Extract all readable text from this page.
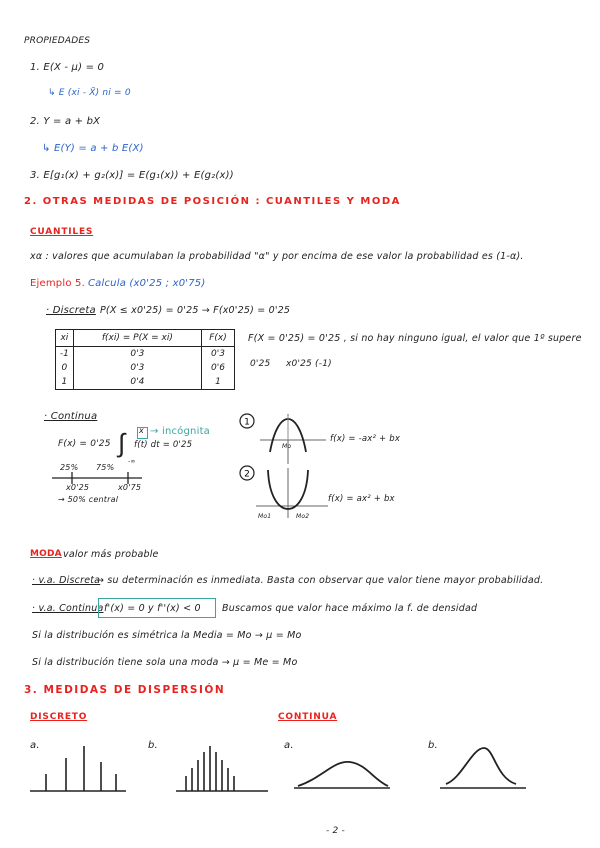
PROPIEDADES
1. E(X - μ) = 0
↳ E (xi - X̄) ni = 0
2. Y = a + bX
↳ E(Y) = a + b E(X)
3. E[g₁(x) + g₂(x)] = E(g₁(x)) + E(g₂(x))
2. OTRAS MEDIDAS DE POSICIÓN : CUANTILES Y MODA
CUANTILES
xα : valores que acumulaban la probabilidad "α" y por encima de ese valor la probabilidad es (1-α).
Ejemplo 5. Calcula (x0'25 ; x0'75)
· Discreta P(X ≤ x0'25) = 0'25 → F(x0'25) = 0'25
xi	f(xi) = P(X = xi)	F(x)
-1	0'3	0'3
0	0'3	0'6
1	0'4	1
F(X = 0'25) = 0'25 , si no hay ninguno igual, el valor que 1º supere
0'25 x0'25 (-1)
· Continua
F(x) = 0'25 ∫ x
-∞
f(t) dt = 0'25
→ incógnita
25% 75%
x0'25	x0'75
→ 50% central
1
Mo
f(x) = -ax² + bx
2
Mo1	Mo2
f(x) = ax² + bx
MODA valor más probable
· v.a. Discreta
→ su determinación es inmediata. Basta con observar que valor tiene mayor probabilidad.
· v.a. Continua f'(x) = 0 y f''(x) < 0 Buscamos que valor hace máximo la f. de densidad
Si la distribución es simétrica la Media = Mo → μ = Mo
Si la distribución tiene sola una moda → μ = Me = Mo
3. MEDIDAS DE DISPERSIÓN
DISCRETO	CONTINUA
a.	b.	a.	b.
- 2 -
